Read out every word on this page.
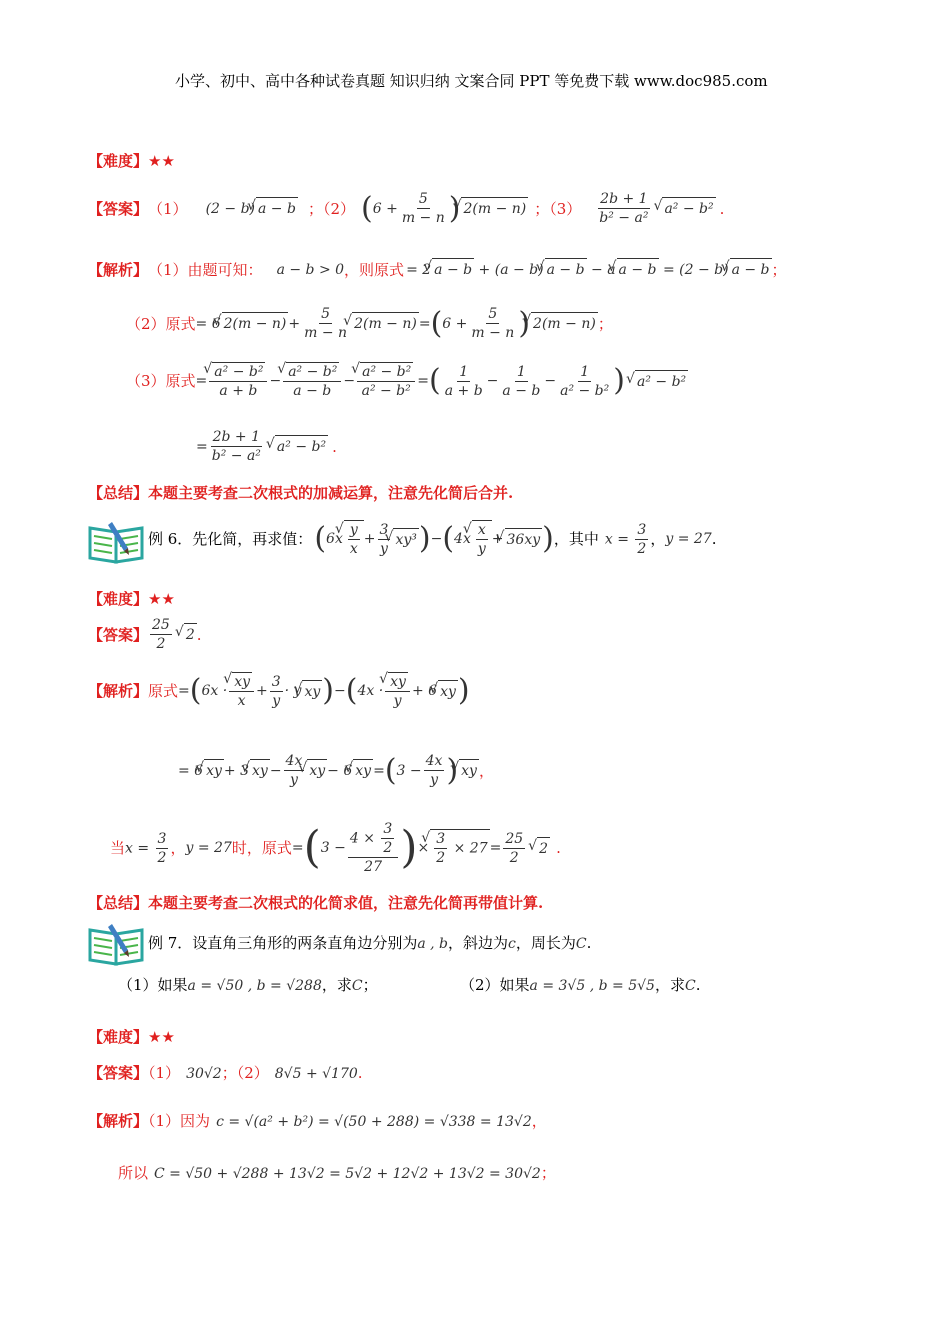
小学、初中、高中各种试卷真题 知识归纳 文案合同 PPT 等免费下载 www.doc985.com
【难度】★★
【答案】 （1） (2 − b) √ a − b ；（2） ( $6 + \frac{5}{m - n}$ ) √ 2(m − n) ；$(3) \frac{2b + 1}{\text{b² − a²}}$ √ a² − b² .
【解析】 （1）由题可知： a − b > 0 ，则原式 = 2 √ a − b + (a − b) √ a − b − a √ a − b = (2 − b) √ a − b ；
（2）原式 = 6 √ $2(m - n) + \frac{5}{m - n}$ √ 2(m − n) = ( $6 + \frac{5}{m - n}$ ) √ 2(m − n) ；
（3）原式 = √ $\frac{\text{a² − b²}}{a + b}$ − √ $\frac{\text{a² − b²}}{a - b}$ − √ $\frac{\text{a² − b²}}{\text{a² − b²}}$ = ( $\frac{1}{a + b} - \frac{1}{a - b} - \frac{1}{\text{a² − b²}}$ ) √ a² − b²
= $\frac{2b + 1}{\text{b² − a²}}$ √ a² − b² .
【总结】本题主要考查二次根式的加减运算，注意先化简后合并.
例 6．先化简，再求值： ( 6x √ $\frac{y}{x} + \frac{3}{y}$ √ xy³ ) − ( 4x √ $\frac{x}{y}$ + √ 36xy ) ，其中 $x = \frac{3}{2}$ ， y = 27 .
【难度】★★
【答案】 $\frac{25}{2}$ √ 2 .
【解析】 原式 = ( 6x · √ $\frac{xy}{x} + \frac{3}{y} \cdot y$ √ xy ) − ( 4x · √ $\frac{xy}{y} + 6$ √ xy )
= 6 √ xy + 3 √ xy − $\frac{4x}{y}$ √ xy − 6 √ xy = ( $3 - \frac{4x}{y}$ ) √ xy ，
当 $x = \frac{3}{2}$ ， y = 27 时，原式 = ( $3 - \frac{4 \times \frac{3}{2}}{27}$ ) × √ $\frac{3}{2} \times 27 = \frac{25}{2}$ √ 2 .
【总结】本题主要考查二次根式的化简求值，注意先化简再带值计算.
例 7．设直角三角形的两条直角边分别为a , b，斜边为c，周长为C.
（1）如果a = √50 , b = √288，求C；	（2）如果a = 3√5 , b = 5√5，求C.
【难度】★★
【答案】（1） 30√2；（2） 8√5 + √170.
【解析】（1）因为 c = √(a² + b²) = √(50 + 288) = √338 = 13√2，
所以 C = √50 + √288 + 13√2 = 5√2 + 12√2 + 13√2 = 30√2；
